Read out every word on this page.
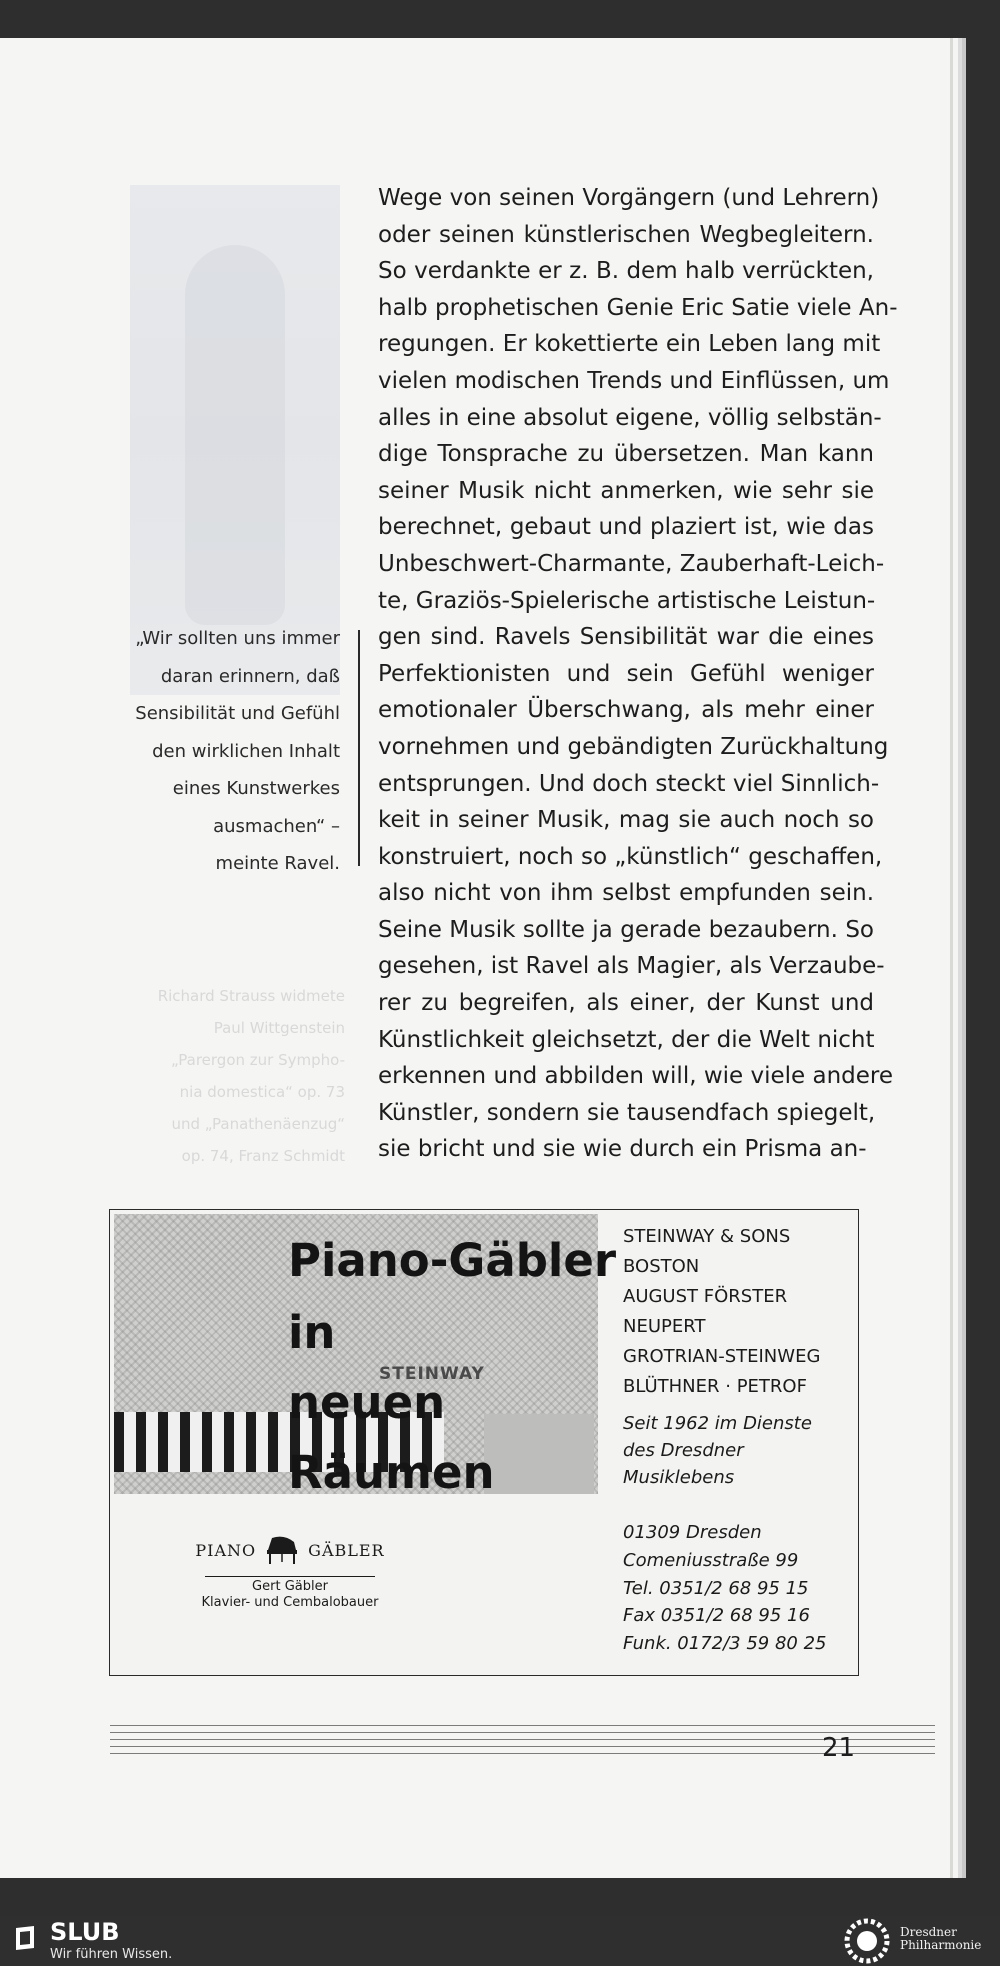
„Wir sollten uns immer
daran erinnern, daß
Sensibilität und Gefühl
den wirklichen Inhalt
eines Kunstwerkes
ausmachen“ –
meinte Ravel.
Wege von seinen Vorgängern (und Lehrern)
oder seinen künstlerischen Wegbegleitern.
So verdankte er z. B. dem halb verrückten,
halb prophetischen Genie Eric Satie viele An-
regungen. Er kokettierte ein Leben lang mit
vielen modischen Trends und Einflüssen, um
alles in eine absolut eigene, völlig selbstän-
dige Tonsprache zu übersetzen. Man kann
seiner Musik nicht anmerken, wie sehr sie
berechnet, gebaut und plaziert ist, wie das
Unbeschwert-Charmante, Zauberhaft-Leich-
te, Graziös-Spielerische artistische Leistun-
gen sind. Ravels Sensibilität war die eines
Perfektionisten und sein Gefühl weniger
emotionaler Überschwang, als mehr einer
vornehmen und gebändigten Zurückhaltung
entsprungen. Und doch steckt viel Sinnlich-
keit in seiner Musik, mag sie auch noch so
konstruiert, noch so „künstlich“ geschaffen,
also nicht von ihm selbst empfunden sein.
Seine Musik sollte ja gerade bezaubern. So
gesehen, ist Ravel als Magier, als Verzaube-
rer zu begreifen, als einer, der Kunst und
Künstlichkeit gleichsetzt, der die Welt nicht
erkennen und abbilden will, wie viele andere
Künstler, sondern sie tausendfach spiegelt,
sie bricht und sie wie durch ein Prisma an-
Richard Strauss widmete
Paul Wittgenstein
„Parergon zur Sympho-
nia domestica“ op. 73
und „Panathenäenzug“
op. 74, Franz Schmidt
STEINWAY
Piano-Gäbler
in
neuen
Räumen
PIANO	GÄBLER
Gert Gäbler
Klavier- und Cembalobauer
STEINWAY & SONS
BOSTON
AUGUST FÖRSTER
NEUPERT
GROTRIAN-STEINWEG
BLÜTHNER · PETROF
Seit 1962 im Dienste
des Dresdner
Musiklebens
01309 Dresden
Comeniusstraße 99
Tel. 0351/2 68 95 15
Fax 0351/2 68 95 16
Funk. 0172/3 59 80 25
21
SLUB
Wir führen Wissen.
Dresdner
Philharmonie
